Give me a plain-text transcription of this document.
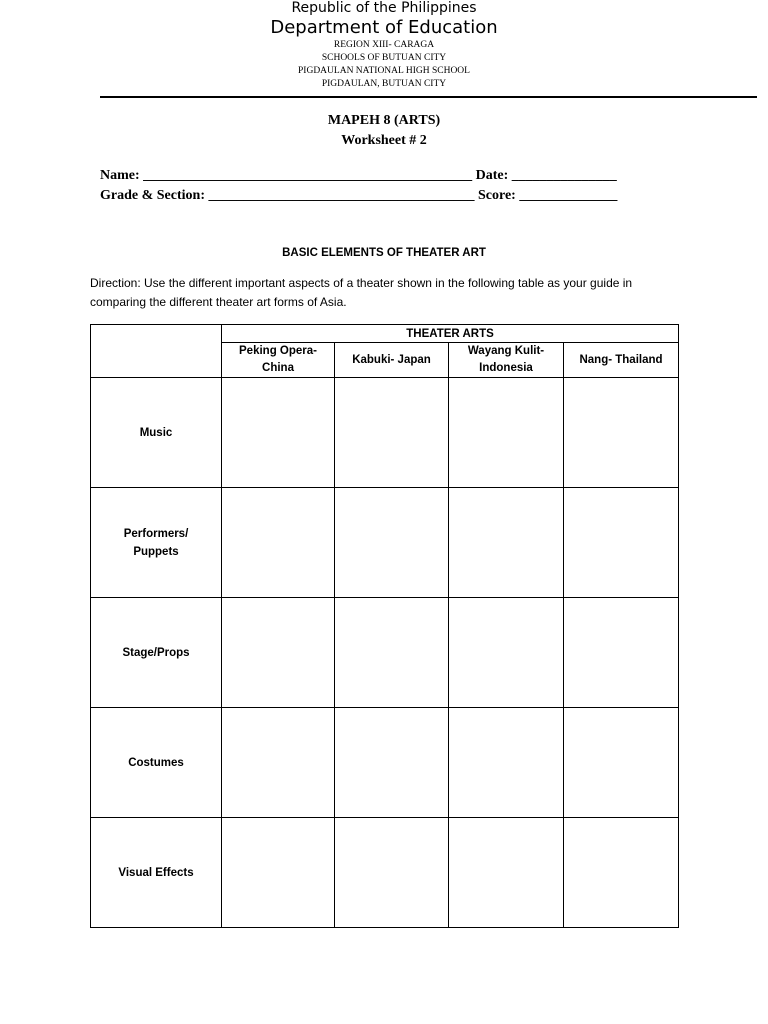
Republic of the Philippines
Department of Education
REGION XIII- CARAGA
SCHOOLS OF BUTUAN CITY
PIGDAULAN NATIONAL HIGH SCHOOL
PIGDAULAN, BUTUAN CITY
MAPEH 8 (ARTS)
Worksheet # 2
Name: _______________________________________________ Date: _______________
Grade & Section: ______________________________________ Score: ______________
BASIC ELEMENTS OF THEATER ART
Direction: Use the different important aspects of a theater shown in the following table as your guide in comparing the different theater art forms of Asia.
	THEATER ARTS			
	Peking Opera- China	Kabuki- Japan	Wayang Kulit- Indonesia	Nang- Thailand
Music				
Performers/ Puppets				
Stage/Props				
Costumes				
Visual Effects				
